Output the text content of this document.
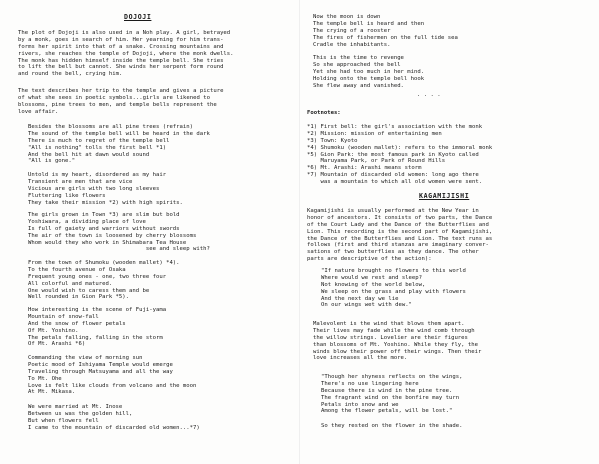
DOJOJI
The plot of Dojoji is also used in a Noh play. A girl, betrayed
by a monk, goes in search of him. Her yearning for him trans-
forms her spirit into that of a snake. Crossing mountains and
rivers, she reaches the temple of Dojoji, where the monk dwells.
The monk has hidden himself inside the temple bell. She tries
to lift the bell but cannot. She winds her serpent form round
and round the bell, crying him.
The text describes her trip to the temple and gives a picture
of what she sees in poetic symbols...girls are likened to
blossoms, pine trees to men, and temple bells represent the
love affair.
Besides the blossoms are all pine trees (refrain)
The sound of the temple bell will be heard in the dark
There is much to regret of the temple bell
"All is nothing" tolls the first bell *1)
And the bell hit at dawn would sound
"All is gone."
Untold is my heart, disordered as my hair
Transient are men that are vice
Vicious are girls with two long sleeves
Fluttering like flowers
They take their mission *2) with high spirits.
The girls grown in Town *3) are slim but bold
Yoshiwara, a dividing place of love
Is full of gaiety and warriors without swords
The air of the town is loosened by cherry blossoms
Whom would they who work in Shimabara Tea House
see and sleep with?
From the town of Shumoku (wooden mallet) *4).
To the fourth avenue of Osaka
Frequent young ones - one, two three four
All colorful and matured.
One would wish to caress them and be
Well rounded in Gion Park *5).
How interesting is the scene of Fuji-yama
Mountain of snow-fall
And the snow of flower petals
Of Mt. Yoshino.
The petals falling, falling in the storm
Of Mt. Arashi *6)
Commanding the view of morning sun
Poetic mood of Ishiyama Temple would emerge
Traveling through Matsuyama and all the way
To Mt. Ohe
Love is felt like clouds from volcano and the moon
At Mt. Mikasa.
We were married at Mt. Inose
Between us was the golden hill,
But when flowers fell
I came to the mountain of discarded old women...*7)
Now the moon is down
The temple bell is heard and then
The crying of a rooster
The fires of fishermen on the full tide sea
Cradle the inhabitants.
This is the time to revenge
So she approached the bell
Yet she had too much in her mind.
Holding onto the temple bell hook
She flew away and vanished.
. . . .
Footnotes:
*1) First bell: the girl's association with the monk
*2) Mission: mission of entertaining men
*3) Town: Kyoto
*4) Shumoku (wooden mallet): refers to the immoral monk
*5) Gion Park: the most famous park in Kyoto called
Maruyama Park, or Park of Round Hills
*6) Mt. Arashi: Arashi means storm
*7) Mountain of discarded old women: long ago there
was a mountain to which all old women were sent.
KAGAMIJISHI
Kagamijishi is usually performed at the New Year in
honor of ancestors. It consists of two parts, the Dance
of the Court Lady and the Dance of the Butterflies and
Lion. This recording is the second part of Kagamijishi,
the Dance of the Butterflies and Lion. The text runs as
follows (first and third stanzas are imaginary conver-
sations of two butterflies as they dance. The other
parts are descriptive of the action):
"If nature brought no flowers to this world
Where would we rest and sleep?
Not knowing of the world below,
We sleep on the grass and play with flowers
And the next day we lie
On our wings wet with dew."
Malevolent is the wind that blows them apart.
Their lives may fade while the wind comb through
the willow strings. Lovelier are their figures
than blossoms of Mt. Yoshino. While they fly, the
winds blow their power off their wings. Then their
love increases all the more.
"Though her shyness reflects on the wings,
There's no use lingering here
Because there is wind in the pine tree.
The fragrant wind on the bonfire may turn
Petals into snow and we
Among the flower petals, will be lost."
So they rested on the flower in the shade.
